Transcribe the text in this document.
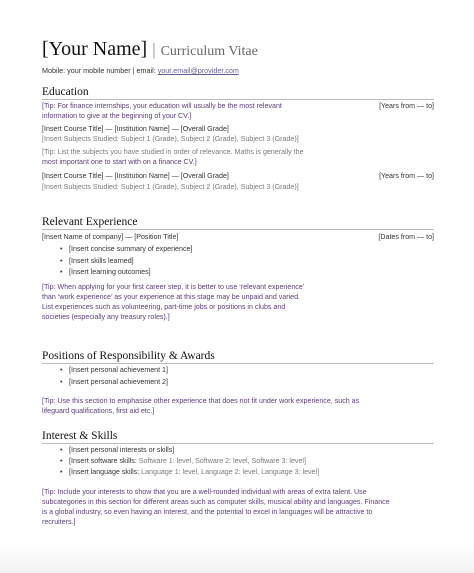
[Your Name] | Curriculum Vitae
Mobile: your mobile number | email: your.email@provider.com
Education
[Tip: For finance internships, your education will usually be the most relevant	[Years from — to]
information to give at the beginning of your CV.]
[Insert Course Title] — [Institution Name] — [Overall Grade]
[Insert Subjects Studied: Subject 1 (Grade), Subject 2 (Grade), Subject 3 (Grade)]
[Tip: List the subjects you have studied in order of relevance. Maths is generally the
most important one to start with on a finance CV.]
[Insert Course Title] — [Institution Name] — [Overall Grade]	[Years from — to]
[Insert Subjects Studied: Subject 1 (Grade), Subject 2 (Grade), Subject 3 (Grade)]
Relevant Experience
[Insert Name of company] — [Position Title]	[Dates from — to]
• [Insert concise summary of experience]
• [Insert skills learned]
• [Insert learning outcomes]
[Tip: When applying for your first career step, it is better to use ‘relevant experience’
than ‘work experience’ as your experience at this stage may be unpaid and varied.
List experiences such as volunteering, part-time jobs or positions in clubs and
societies (especially any treasury roles).]
Positions of Responsibility & Awards
• [Insert personal achievement 1]
• [Insert personal achievement 2]
[Tip: Use this section to emphasise other experience that does not fit under work experience, such as
lifeguard qualifications, first aid etc.]
Interest & Skills
• [Insert personal interests or skills]
• [Insert software skills: Software 1: level, Software 2: level, Software 3: level]
• [Insert language skills: Language 1: level, Language 2: level, Language 3: level]
[Tip: Include your interests to show that you are a well-rounded individual with areas of extra talent. Use
subcategories in this section for different areas such as computer skills, musical ability and languages. Finance
is a global industry, so even having an interest, and the potential to excel in languages will be attractive to
recruiters.]
